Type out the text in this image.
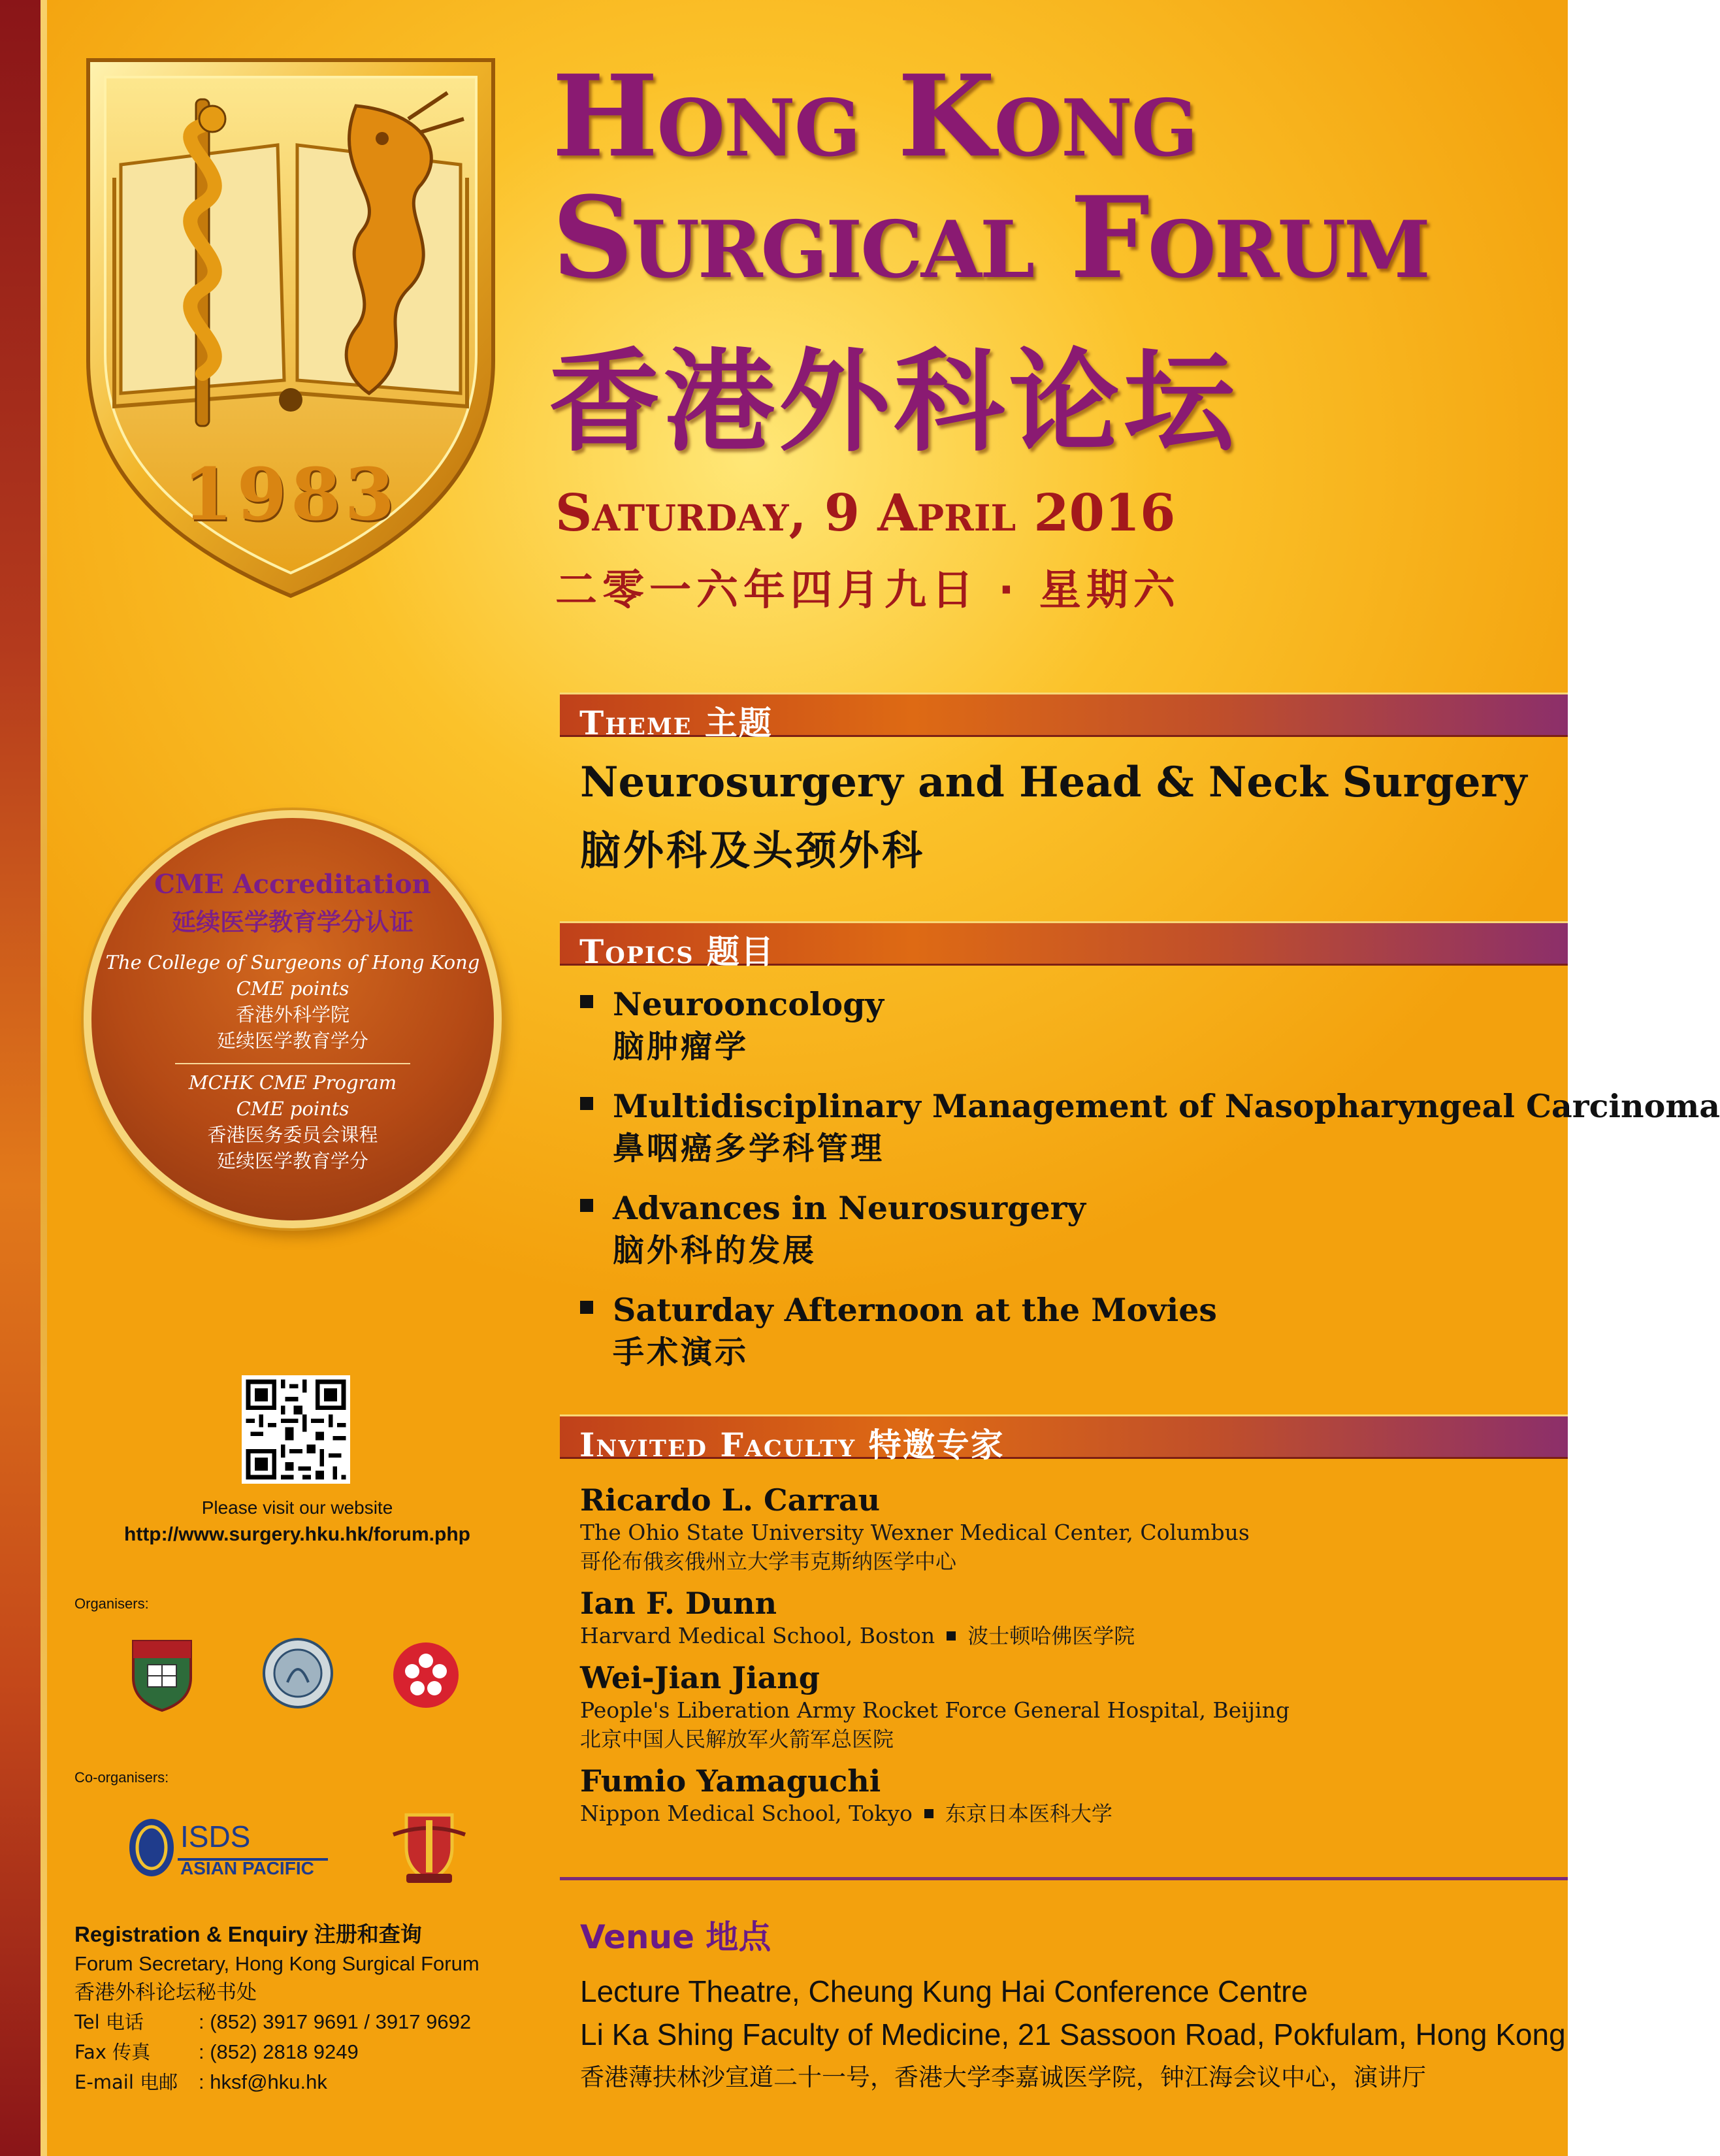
1983
Hong Kong
Surgical Forum
香港外科论坛
Saturday, 9 April 2016
二零一六年四月九日 · 星期六
Theme 主题
Neurosurgery and Head & Neck Surgery
脑外科及头颈外科
Topics 题目
Neurooncology
脑肿瘤学
Multidisciplinary Management of Nasopharyngeal Carcinoma
鼻咽癌多学科管理
Advances in Neurosurgery
脑外科的发展
Saturday Afternoon at the Movies
手术演示
Invited Faculty 特邀专家
Ricardo L. Carrau
The Ohio State University Wexner Medical Center, Columbus
哥伦布俄亥俄州立大学韦克斯纳医学中心
Ian F. Dunn
Harvard Medical School, Boston 波士顿哈佛医学院
Wei-Jian Jiang
People's Liberation Army Rocket Force General Hospital, Beijing
北京中国人民解放军火箭军总医院
Fumio Yamaguchi
Nippon Medical School, Tokyo 东京日本医科大学
Venue 地点
Lecture Theatre, Cheung Kung Hai Conference Centre
Li Ka Shing Faculty of Medicine, 21 Sassoon Road, Pokfulam, Hong Kong
香港薄扶林沙宣道二十一号，香港大学李嘉诚医学院，钟江海会议中心，演讲厅
CME Accreditation
延续医学教育学分认证
The College of Surgeons of Hong Kong
CME points
香港外科学院
延续医学教育学分
MCHK CME Program
CME points
香港医务委员会课程
延续医学教育学分
Please visit our website
http://www.surgery.hku.hk/forum.php
Organisers:
Co-organisers:
ISDS
ASIAN PACIFIC
Registration & Enquiry 注册和查询
Forum Secretary, Hong Kong Surgical Forum
香港外科论坛秘书处
Tel 电话	: (852) 3917 9691 / 3917 9692
Fax 传真 : (852) 2818 9249
E-mail 电邮 : hksf@hku.hk
